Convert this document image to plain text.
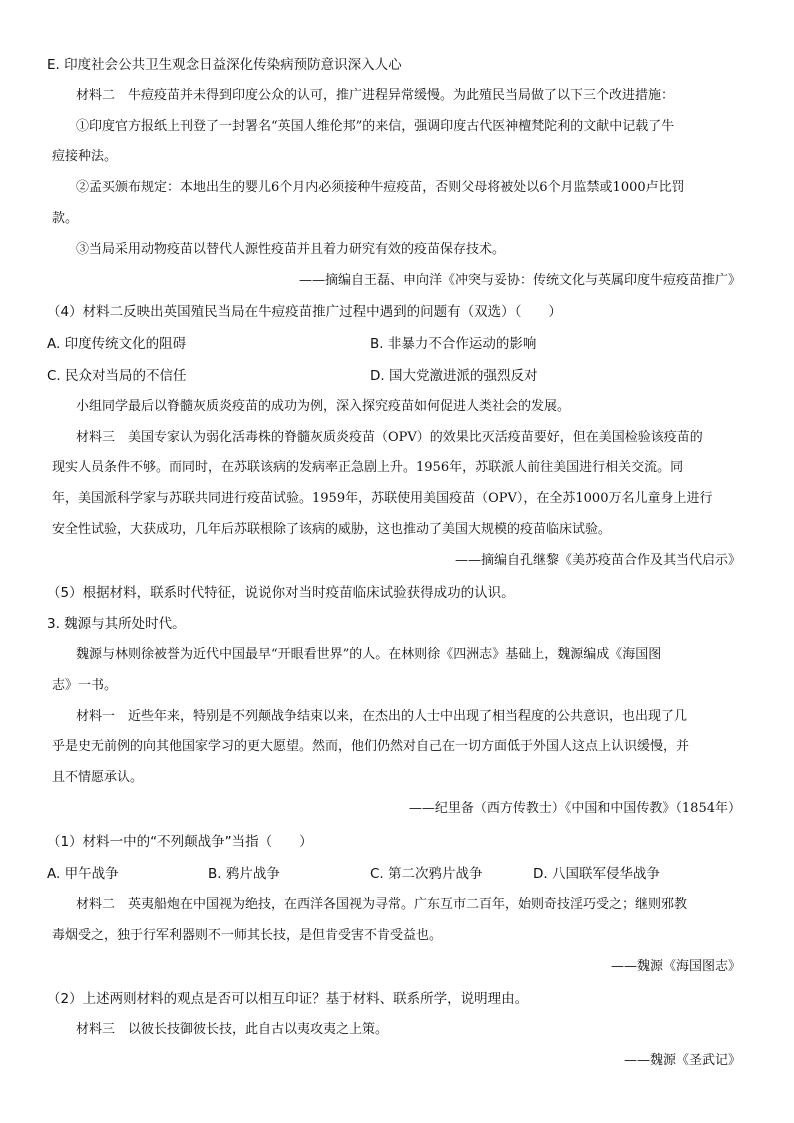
E. 印度社会公共卫生观念日益深化传染病预防意识深入人心
材料二　牛痘疫苗并未得到印度公众的认可，推广进程异常缓慢。为此殖民当局做了以下三个改进措施：
①印度官方报纸上刊登了一封署名“英国人维伦邦”的来信，强调印度古代医神檀梵陀利的文献中记载了牛
痘接种法。
②孟买颁布规定：本地出生的婴儿6个月内必须接种牛痘疫苗，否则父母将被处以6个月监禁或1000卢比罚
款。
③当局采用动物疫苗以替代人源性疫苗并且着力研究有效的疫苗保存技术。
——摘编自王磊、申向洋《冲突与妥协：传统文化与英属印度牛痘疫苗推广》
（4）材料二反映出英国殖民当局在牛痘疫苗推广过程中遇到的问题有（双选）（　　）
A. 印度传统文化的阻碍	B. 非暴力不合作运动的影响
C. 民众对当局的不信任	D. 国大党激进派的强烈反对
小组同学最后以脊髓灰质炎疫苗的成功为例，深入探究疫苗如何促进人类社会的发展。
材料三　美国专家认为弱化活毒株的脊髓灰质炎疫苗（OPV）的效果比灭活疫苗要好，但在美国检验该疫苗的
现实人员条件不够。而同时，在苏联该病的发病率正急剧上升。1956年，苏联派人前往美国进行相关交流。同
年，美国派科学家与苏联共同进行疫苗试验。1959年，苏联使用美国疫苗（OPV），在全苏1000万名儿童身上进行
安全性试验，大获成功，几年后苏联根除了该病的威胁，这也推动了美国大规模的疫苗临床试验。
——摘编自孔继黎《美苏疫苗合作及其当代启示》
（5）根据材料，联系时代特征，说说你对当时疫苗临床试验获得成功的认识。
3. 魏源与其所处时代。
魏源与林则徐被誉为近代中国最早“开眼看世界”的人。在林则徐《四洲志》基础上，魏源编成《海国图
志》一书。
材料一　近些年来，特别是不列颠战争结束以来，在杰出的人士中出现了相当程度的公共意识，也出现了几
乎是史无前例的向其他国家学习的更大愿望。然而，他们仍然对自己在一切方面低于外国人这点上认识缓慢，并
且不情愿承认。
——纪里备（西方传教士）《中国和中国传教》（1854年）
（1）材料一中的“不列颠战争”当指（　　）
A. 甲午战争	B. 鸦片战争	C. 第二次鸦片战争	D. 八国联军侵华战争
材料二　英夷船炮在中国视为绝技，在西洋各国视为寻常。广东互市二百年，始则奇技淫巧受之；继则邪教
毒烟受之，独于行军利器则不一师其长技，是但肯受害不肯受益也。
——魏源《海国图志》
（2）上述两则材料的观点是否可以相互印证？基于材料、联系所学，说明理由。
材料三　以彼长技御彼长技，此自古以夷攻夷之上策。
——魏源《圣武记》
